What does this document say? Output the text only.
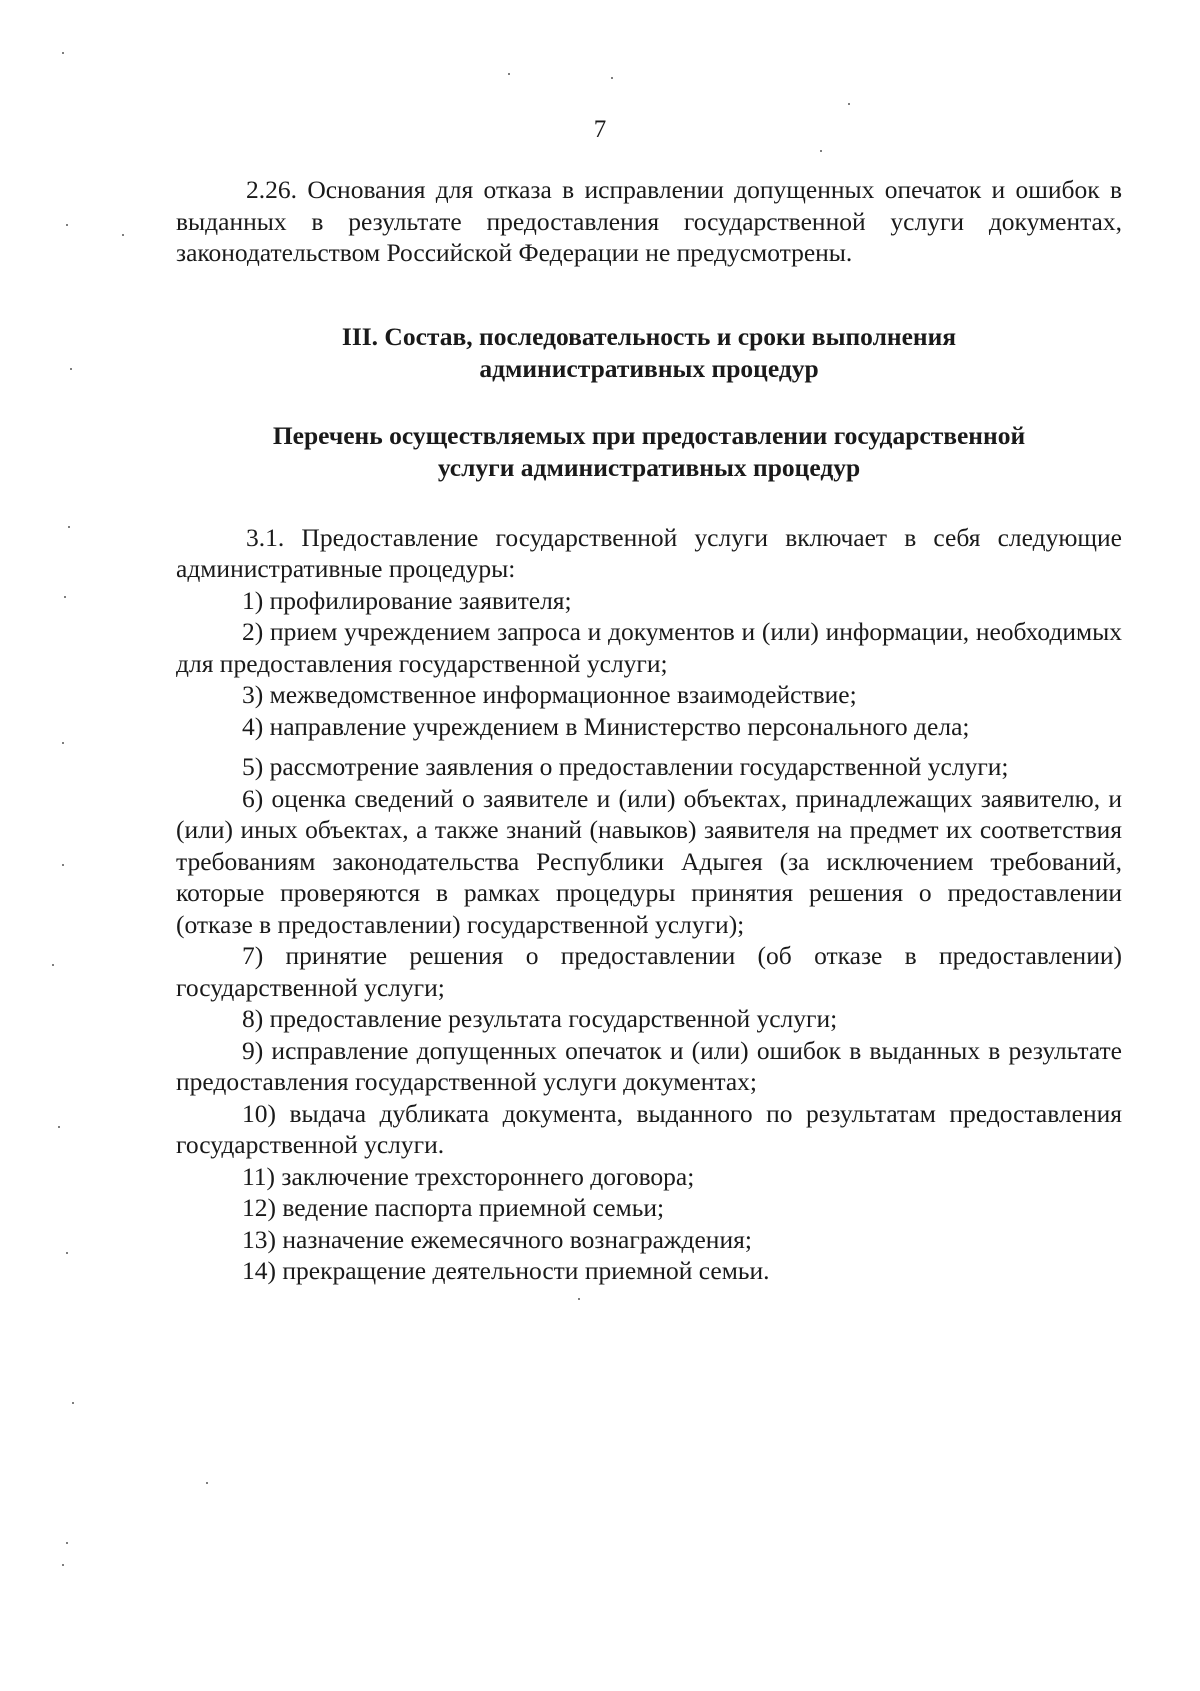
7

2.26. Основания для отказа в исправлении допущенных опечаток и ошибок в выданных в результате предоставления государственной услуги документах, законодательством Российской Федерации не предусмотрены.

III. Состав, последовательность и сроки выполнения
административных процедур
Перечень осуществляемых при предоставлении государственной
услуги административных процедур

3.1. Предоставление государственной услуги включает в себя следующие административные процедуры:

1) профилирование заявителя;

2) прием учреждением запроса и документов и (или) информации, необходимых для предоставления государственной услуги;

3) межведомственное информационное взаимодействие;

4) направление учреждением в Министерство персонального дела;

5) рассмотрение заявления о предоставлении государственной услуги;

6) оценка сведений о заявителе и (или) объектах, принадлежащих заявителю, и (или) иных объектах, а также знаний (навыков) заявителя на предмет их соответствия требованиям законодательства Республики Адыгея (за исключением требований, которые проверяются в рамках процедуры принятия решения о предоставлении (отказе в предоставлении) государственной услуги);

7) принятие решения о предоставлении (об отказе в предоставлении) государственной услуги;

8) предоставление результата государственной услуги;

9) исправление допущенных опечаток и (или) ошибок в выданных в результате предоставления государственной услуги документах;

10) выдача дубликата документа, выданного по результатам предоставления государственной услуги.

11) заключение трехстороннего договора;

12) ведение паспорта приемной семьи;

13) назначение ежемесячного вознаграждения;

14) прекращение деятельности приемной семьи.
